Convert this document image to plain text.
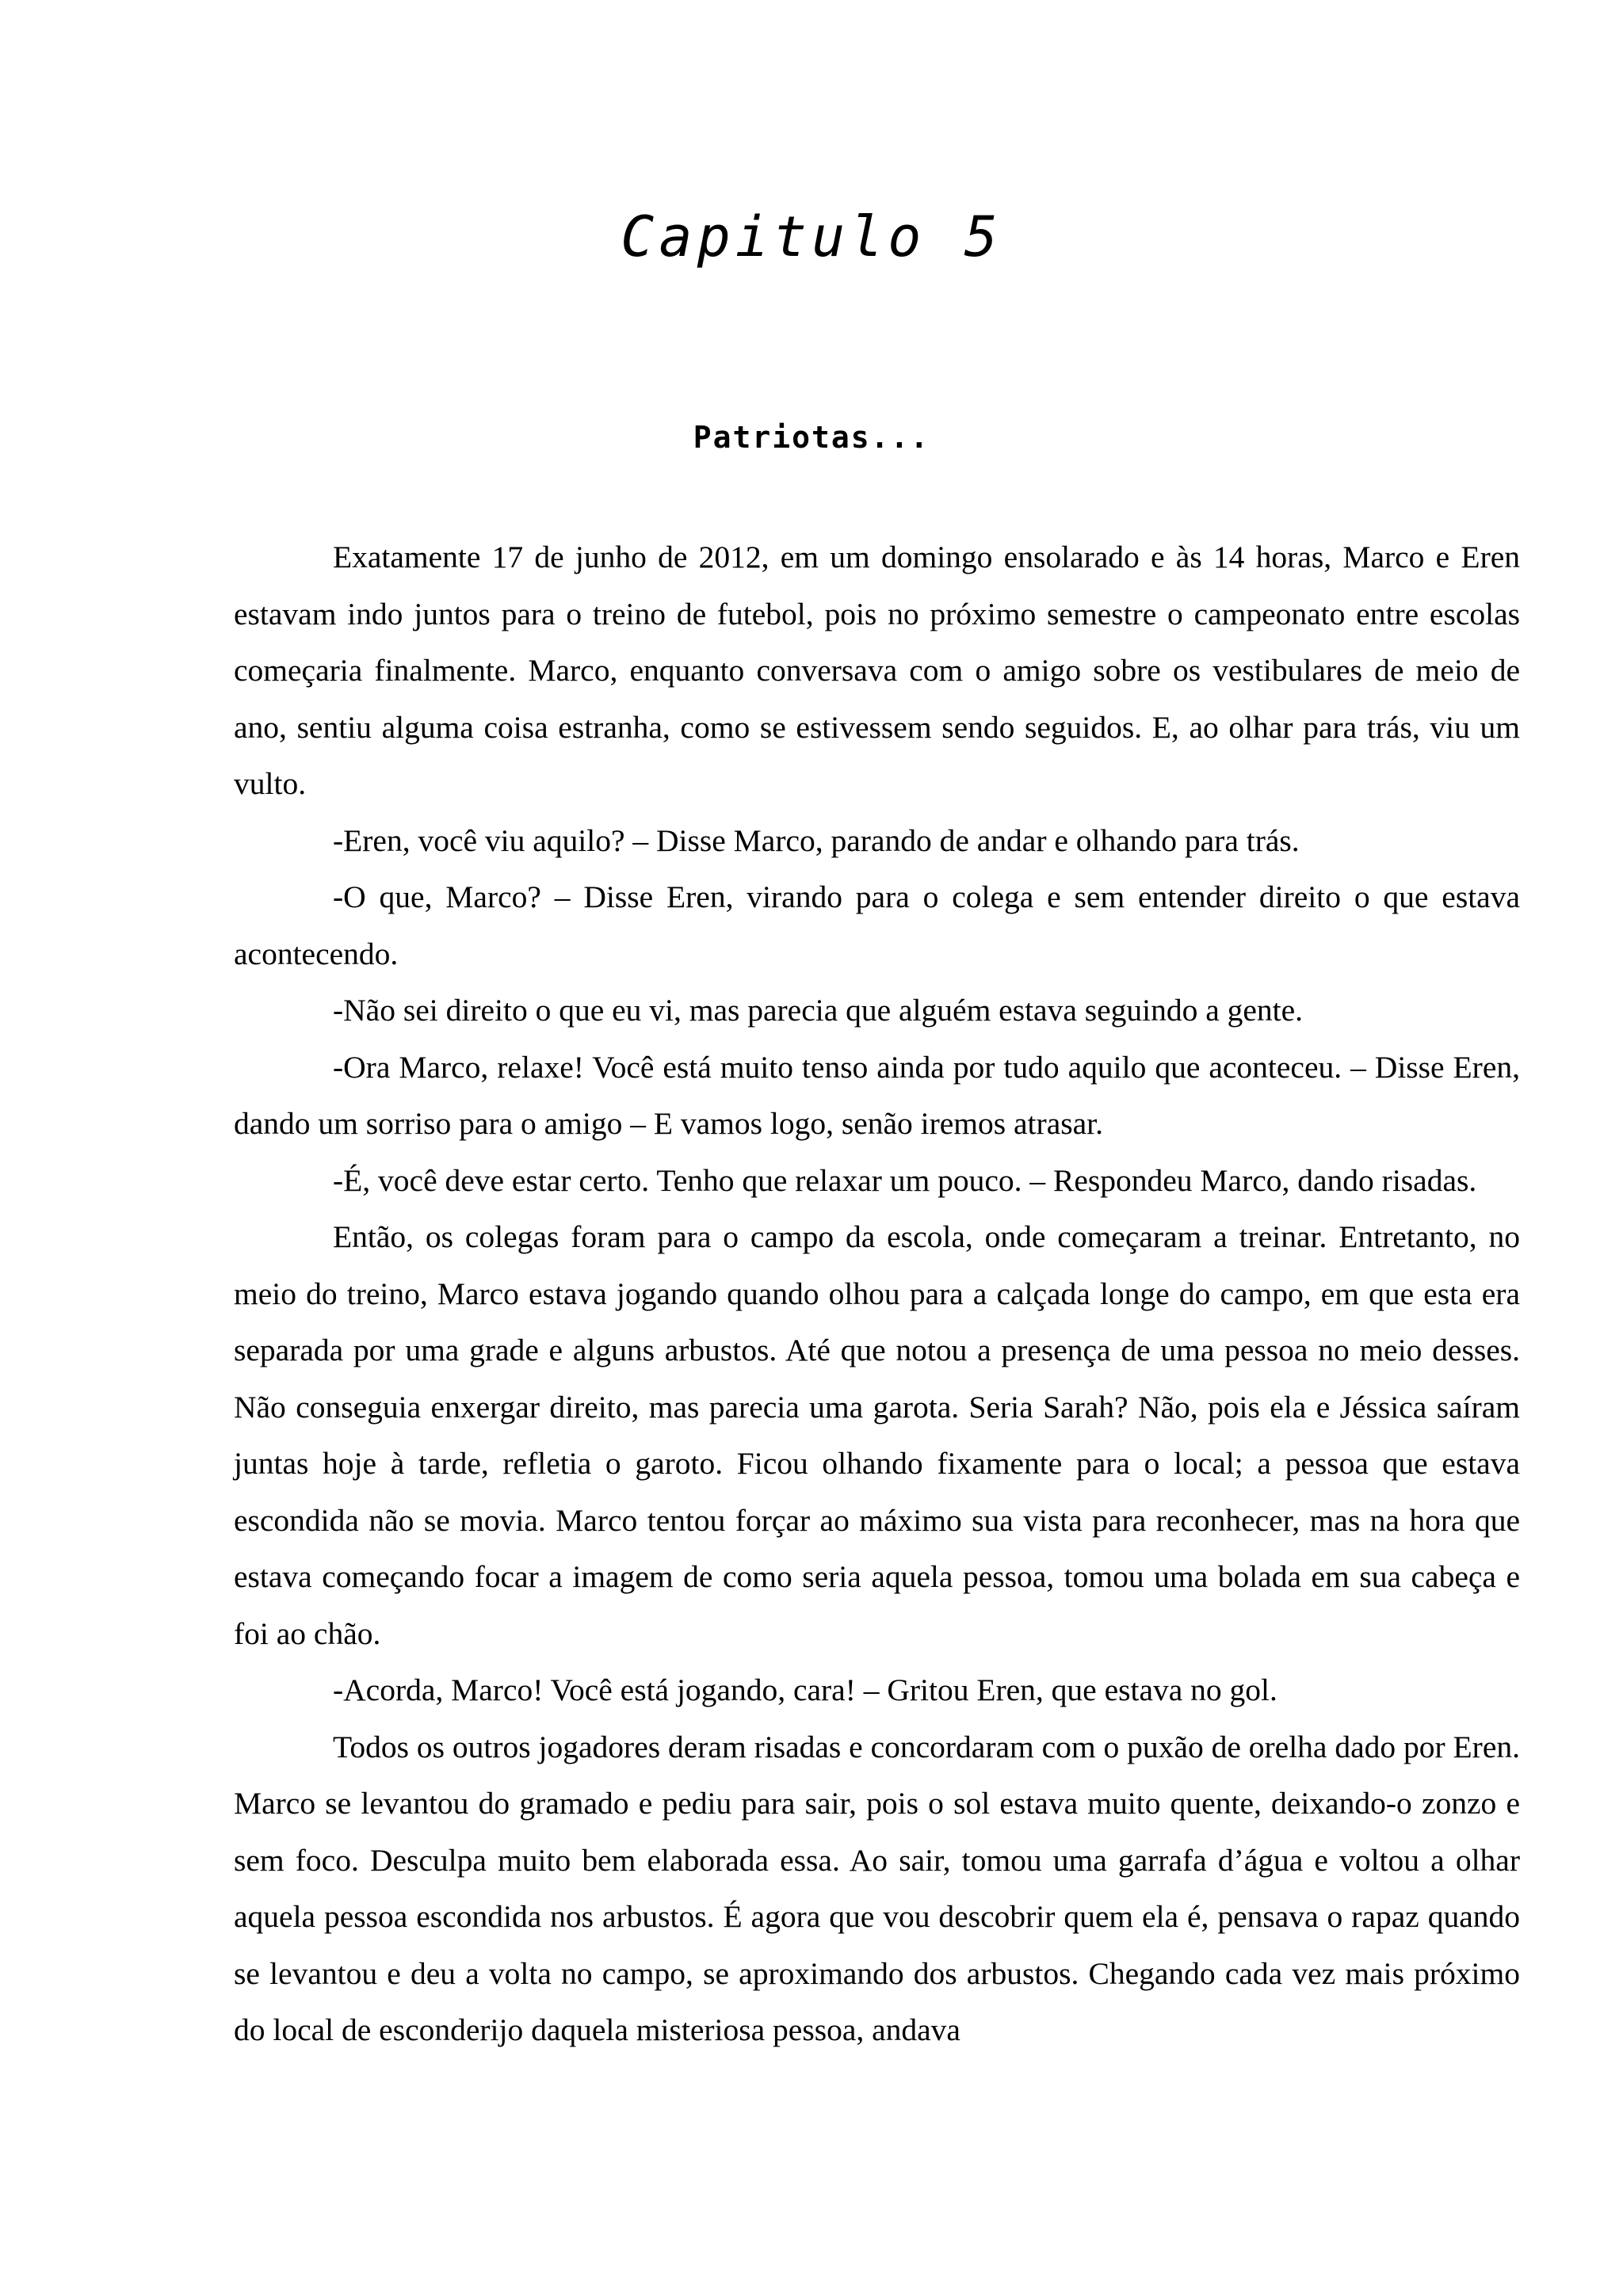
Capitulo 5
Patriotas...

Exatamente 17 de junho de 2012, em um domingo ensolarado e às 14 horas, Marco e Eren estavam indo juntos para o treino de futebol, pois no próximo semestre o campeonato entre escolas começaria finalmente. Marco, enquanto conversava com o amigo sobre os vestibulares de meio de ano, sentiu alguma coisa estranha, como se estivessem sendo seguidos. E, ao olhar para trás, viu um vulto.

-Eren, você viu aquilo? – Disse Marco, parando de andar e olhando para trás.

-O que, Marco? – Disse Eren, virando para o colega e sem entender direito o que estava acontecendo.

-Não sei direito o que eu vi, mas parecia que alguém estava seguindo a gente.

-Ora Marco, relaxe! Você está muito tenso ainda por tudo aquilo que aconteceu. – Disse Eren, dando um sorriso para o amigo – E vamos logo, senão iremos atrasar.

-É, você deve estar certo. Tenho que relaxar um pouco. – Respondeu Marco, dando risadas.

Então, os colegas foram para o campo da escola, onde começaram a treinar. Entretanto, no meio do treino, Marco estava jogando quando olhou para a calçada longe do campo, em que esta era separada por uma grade e alguns arbustos. Até que notou a presença de uma pessoa no meio desses. Não conseguia enxergar direito, mas parecia uma garota. Seria Sarah? Não, pois ela e Jéssica saíram juntas hoje à tarde, refletia o garoto. Ficou olhando fixamente para o local; a pessoa que estava escondida não se movia. Marco tentou forçar ao máximo sua vista para reconhecer, mas na hora que estava começando focar a imagem de como seria aquela pessoa, tomou uma bolada em sua cabeça e foi ao chão.

-Acorda, Marco! Você está jogando, cara! – Gritou Eren, que estava no gol.

Todos os outros jogadores deram risadas e concordaram com o puxão de orelha dado por Eren. Marco se levantou do gramado e pediu para sair, pois o sol estava muito quente, deixando-o zonzo e sem foco. Desculpa muito bem elaborada essa. Ao sair, tomou uma garrafa d’água e voltou a olhar aquela pessoa escondida nos arbustos. É agora que vou descobrir quem ela é, pensava o rapaz quando se levantou e deu a volta no campo, se aproximando dos arbustos. Chegando cada vez mais próximo do local de esconderijo daquela misteriosa pessoa, andava
